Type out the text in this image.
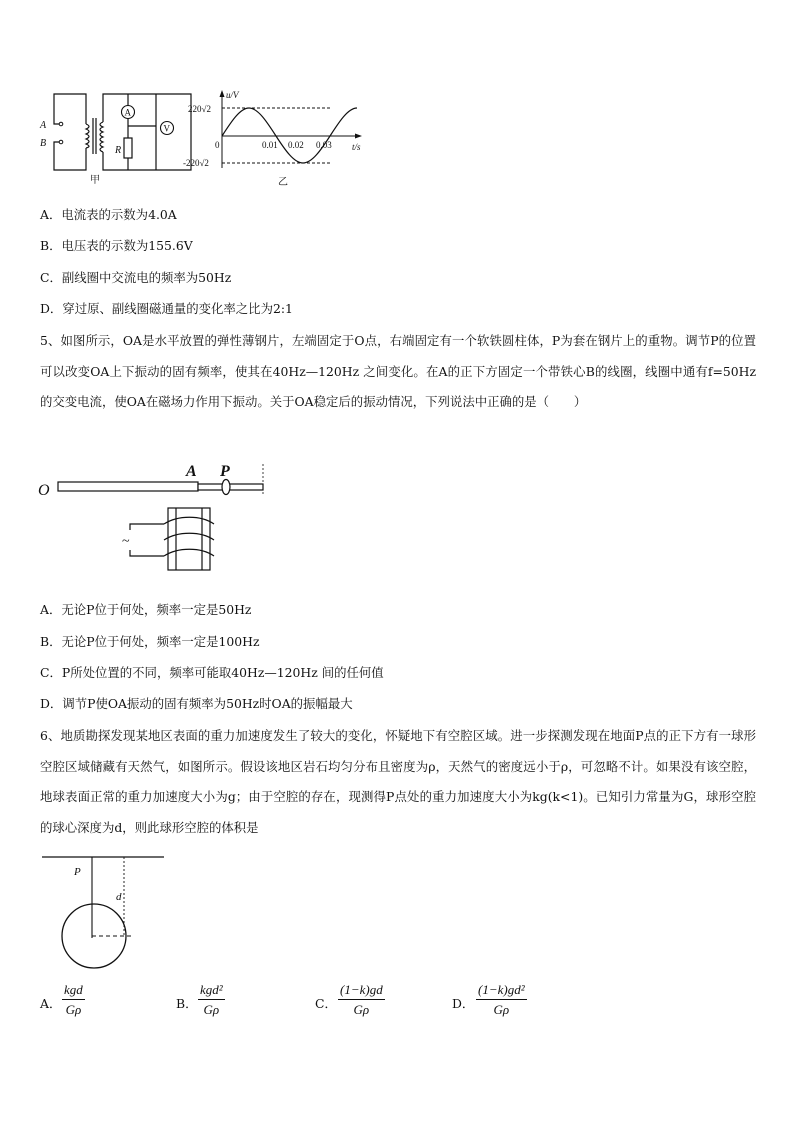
A
B
A
V
R
甲
u/V
t/s
220√2
-220√2
0	0.01 0.02 0.03
乙
A．电流表的示数为4.0A
B．电压表的示数为155.6V
C．副线圈中交流电的频率为50Hz
D．穿过原、副线圈磁通量的变化率之比为2:1
5、如图所示，OA是水平放置的弹性薄钢片，左端固定于O点，右端固定有一个软铁圆柱体，P为套在钢片上的重物。调节P的位置可以改变OA上下振动的固有频率，使其在40Hz—120Hz 之间变化。在A的正下方固定一个带铁心B的线圈，线圈中通有f=50Hz 的交变电流，使OA在磁场力作用下振动。关于OA稳定后的振动情况，下列说法中正确的是（　　）
~
O
A P
A．无论P位于何处，频率一定是50Hz
B．无论P位于何处，频率一定是100Hz
C．P所处位置的不同，频率可能取40Hz—120Hz 间的任何值
D．调节P使OA振动的固有频率为50Hz时OA的振幅最大
6、地质勘探发现某地区表面的重力加速度发生了较大的变化，怀疑地下有空腔区域。进一步探测发现在地面P点的正下方有一球形空腔区域储藏有天然气，如图所示。假设该地区岩石均匀分布且密度为ρ，天然气的密度远小于ρ，可忽略不计。如果没有该空腔，地球表面正常的重力加速度大小为g；由于空腔的存在，现测得P点处的重力加速度大小为kg(k<1)。已知引力常量为G，球形空腔的球心深度为d，则此球形空腔的体积是
P
d
A．
kgd
Gρ	B．
kgd²
Gρ	C． $\frac{(1-k)gd}{G\rho}$	D． $\frac{\text{(1−k)gd²}}{G\rho}$
